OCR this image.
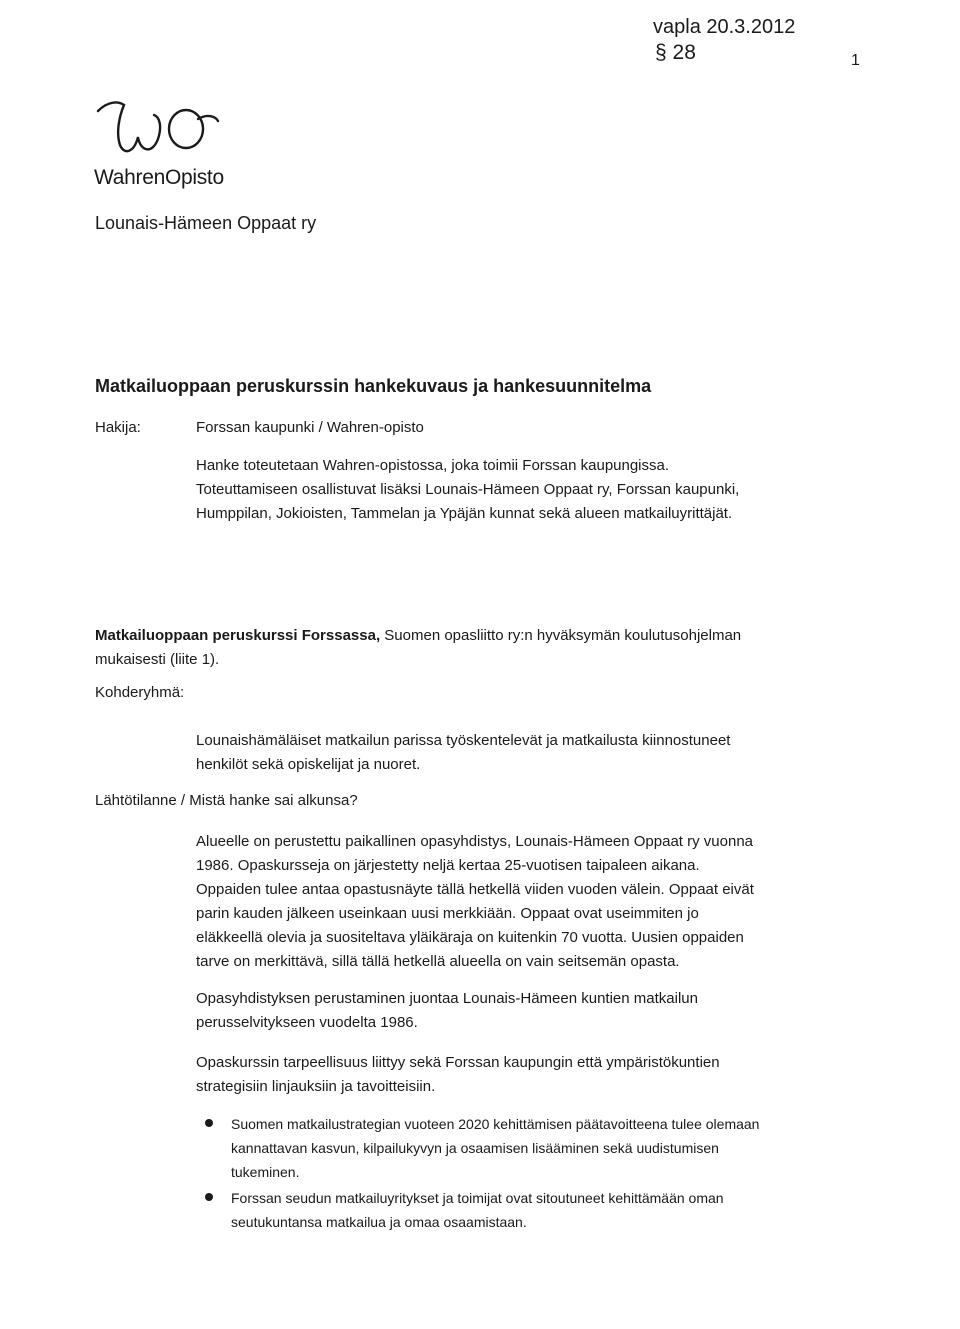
vapla 20.3.2012
§ 28	1
WahrenOpisto
Lounais-Hämeen Oppaat ry
Matkailuoppaan peruskurssin hankekuvaus ja hankesuunnitelma
Hakija:	Forssan kaupunki / Wahren-opisto
Hanke toteutetaan Wahren-opistossa, joka toimii Forssan kaupungissa.
Toteuttamiseen osallistuvat lisäksi Lounais-Hämeen Oppaat ry, Forssan kaupunki,
Humppilan, Jokioisten, Tammelan ja Ypäjän kunnat sekä alueen matkailuyrittäjät.
Matkailuoppaan peruskurssi Forssassa, Suomen opasliitto ry:n hyväksymän koulutusohjelman
mukaisesti (liite 1).
Kohderyhmä:
Lounaishämäläiset matkailun parissa työskentelevät ja matkailusta kiinnostuneet
henkilöt sekä opiskelijat ja nuoret.
Lähtötilanne / Mistä hanke sai alkunsa?
Alueelle on perustettu paikallinen opasyhdistys, Lounais-Hämeen Oppaat ry vuonna
1986. Opaskursseja on järjestetty neljä kertaa 25-vuotisen taipaleen aikana.
Oppaiden tulee antaa opastusnäyte tällä hetkellä viiden vuoden välein. Oppaat eivät
parin kauden jälkeen useinkaan uusi merkkiään. Oppaat ovat useimmiten jo
eläkkeellä olevia ja suositeltava yläikäraja on kuitenkin 70 vuotta. Uusien oppaiden
tarve on merkittävä, sillä tällä hetkellä alueella on vain seitsemän opasta.
Opasyhdistyksen perustaminen juontaa Lounais-Hämeen kuntien matkailun
perusselvitykseen vuodelta 1986.
Opaskurssin tarpeellisuus liittyy sekä Forssan kaupungin että ympäristökuntien
strategisiin linjauksiin ja tavoitteisiin.
Suomen matkailustrategian vuoteen 2020 kehittämisen päätavoitteena tulee olemaan
kannattavan kasvun, kilpailukyvyn ja osaamisen lisääminen sekä uudistumisen
tukeminen.
Forssan seudun matkailuyritykset ja toimijat ovat sitoutuneet kehittämään oman
seutukuntansa matkailua ja omaa osaamistaan.
